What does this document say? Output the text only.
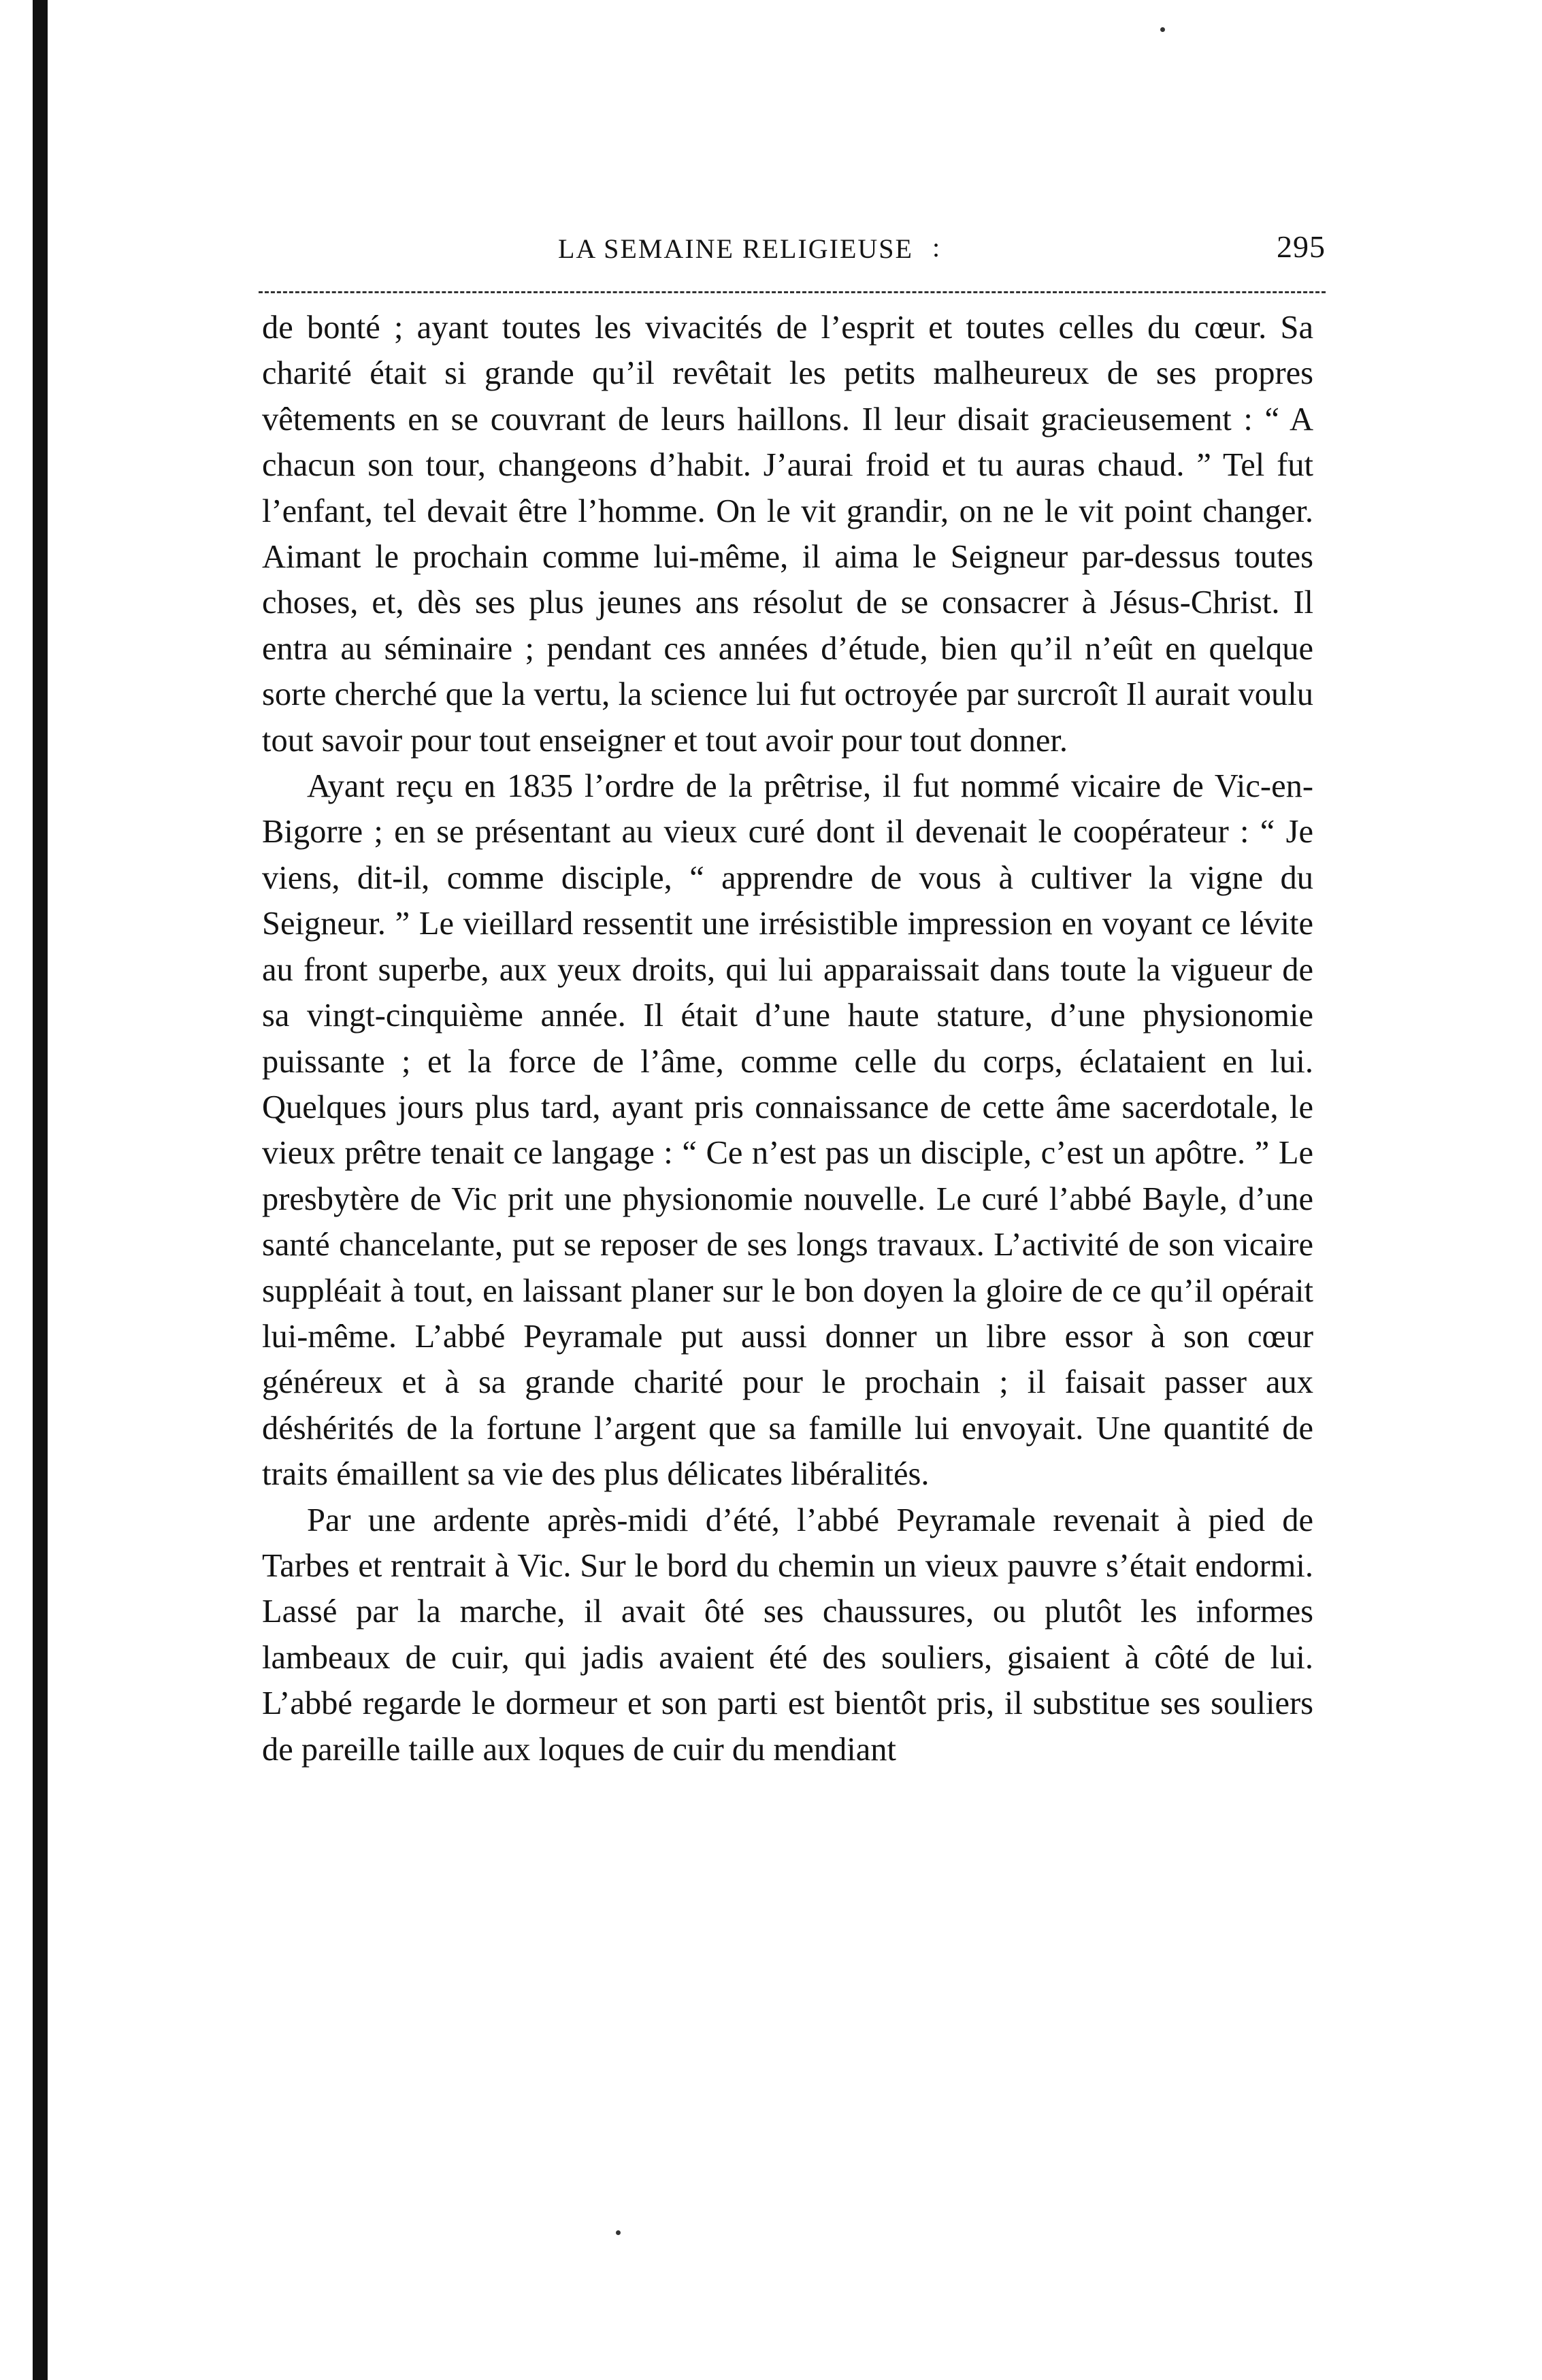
LA SEMAINE RELIGIEUSE :	295

de bonté ; ayant toutes les vivacités de l’esprit et toutes celles du cœur. Sa charité était si grande qu’il revêtait les petits malheureux de ses propres vêtements en se couvrant de leurs haillons. Il leur disait gracieusement : “ A chacun son tour, changeons d’habit. J’aurai froid et tu auras chaud. ” Tel fut l’enfant, tel devait être l’homme. On le vit grandir, on ne le vit point changer. Aimant le prochain comme lui-même, il aima le Seigneur par-dessus toutes choses, et, dès ses plus jeunes ans résolut de se consacrer à Jésus-Christ. Il entra au séminaire ; pendant ces années d’étude, bien qu’il n’eût en quelque sorte cherché que la vertu, la science lui fut octroyée par surcroît Il aurait voulu tout savoir pour tout enseigner et tout avoir pour tout donner.

Ayant reçu en 1835 l’ordre de la prêtrise, il fut nommé vicaire de Vic-en-Bigorre ; en se présentant au vieux curé dont il devenait le coopérateur : “ Je viens, dit-il, comme disciple, “ apprendre de vous à cultiver la vigne du Seigneur. ” Le vieillard ressentit une irrésistible impression en voyant ce lévite au front superbe, aux yeux droits, qui lui apparaissait dans toute la vigueur de sa vingt-cinquième année. Il était d’une haute stature, d’une physionomie puissante ; et la force de l’âme, comme celle du corps, éclataient en lui. Quelques jours plus tard, ayant pris connaissance de cette âme sacerdotale, le vieux prêtre tenait ce langage : “ Ce n’est pas un disciple, c’est un apôtre. ” Le presbytère de Vic prit une physionomie nouvelle. Le curé l’abbé Bayle, d’une santé chancelante, put se reposer de ses longs travaux. L’activité de son vicaire suppléait à tout, en laissant planer sur le bon doyen la gloire de ce qu’il opérait lui-même. L’abbé Peyramale put aussi donner un libre essor à son cœur généreux et à sa grande charité pour le prochain ; il faisait passer aux déshérités de la fortune l’argent que sa famille lui envoyait. Une quantité de traits émaillent sa vie des plus délicates libéralités.

Par une ardente après-midi d’été, l’abbé Peyramale revenait à pied de Tarbes et rentrait à Vic. Sur le bord du chemin un vieux pauvre s’était endormi. Lassé par la marche, il avait ôté ses chaussures, ou plutôt les informes lambeaux de cuir, qui jadis avaient été des souliers, gisaient à côté de lui. L’abbé regarde le dormeur et son parti est bientôt pris, il substitue ses souliers de pareille taille aux loques de cuir du mendiant
